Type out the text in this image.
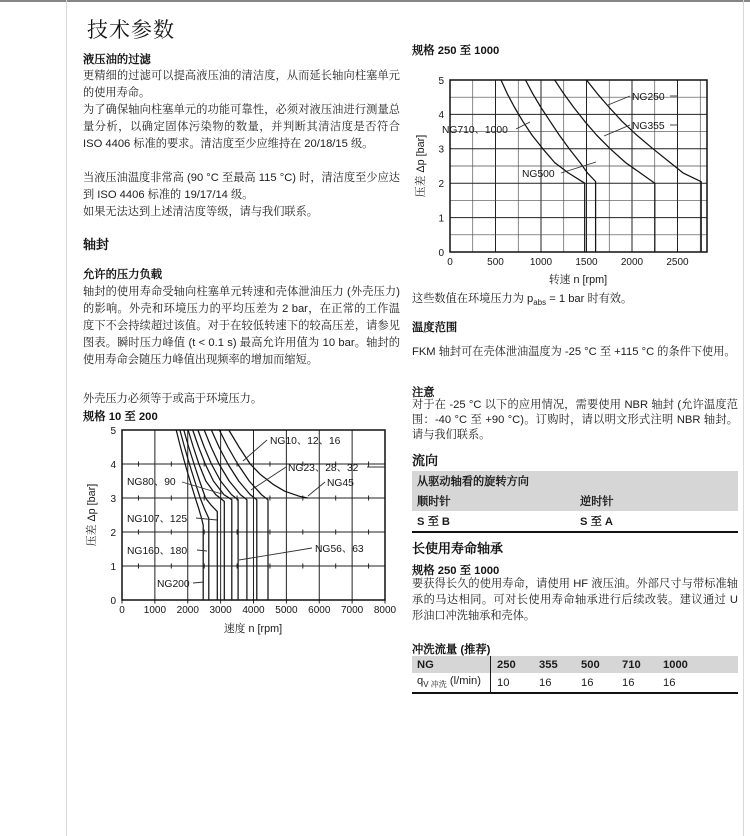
技术参数
液压油的过滤
更精细的过滤可以提高液压油的清洁度，从而延长轴向柱塞单元的使用寿命。
为了确保轴向柱塞单元的功能可靠性，必须对液压油进行测量总量分析，以确定固体污染物的数量，并判断其清洁度是否符合 ISO 4406 标准的要求。清洁度至少应维持在 20/18/15 级。
当液压油温度非常高 (90 °C 至最高 115 °C) 时，清洁度至少应达到 ISO 4406 标准的 19/17/14 级。
如果无法达到上述清洁度等级，请与我们联系。
轴封
允许的压力负载
轴封的使用寿命受轴向柱塞单元转速和壳体泄油压力 (外壳压力) 的影响。外壳和环境压力的平均压差为 2 bar，在正常的工作温度下不会持续超过该值。对于在较低转速下的较高压差，请参见图表。瞬时压力峰值 (t < 0.1 s) 最高允许用值为 10 bar。轴封的使用寿命会随压力峰值出现频率的增加而缩短。
外壳压力必须等于或高于环境压力。
规格 10 至 200
NG10、12、16
NG23、28、32
NG45
NG80、90
NG107、125
NG160、180	NG56、63
NG200
0 1000 2000 3000 4000 5000 6000 7000 8000
5
4
3
2
1
0
速度 n [rpm]
压差 Δp [bar]
规格 250 至 1000
NG250
NG355
NG710、1000
NG500
0	500	1000 1500 2000 2500
5
4
3
2
1
0
转速 n [rpm]
压差 Δp [bar]
这些数值在环境压力为 $p_{abs} = 1$ bar 时有效。
温度范围
FKM 轴封可在壳体泄油温度为 -25 °C 至 +115 °C 的条件下使用。
注意
对于在 -25 °C 以下的应用情况，需要使用 NBR 轴封 (允许温度范围：-40 °C 至 +90 °C)。订购时，请以明文形式注明 NBR 轴封。请与我们联系。
流向
从驱动轴看的旋转方向
顺时针	逆时针
S 至 B	S 至 A
长使用寿命轴承
规格 250 至 1000
要获得长久的使用寿命，请使用 HF 液压油。外部尺寸与带标准轴承的马达相同。可对长使用寿命轴承进行后续改装。建议通过 U 形油口冲洗轴承和壳体。
冲洗流量 (推荐)
NG	250	355	500	710	1000
$q_{V 冲洗}$ (l/min)	10	16	16	16	16
